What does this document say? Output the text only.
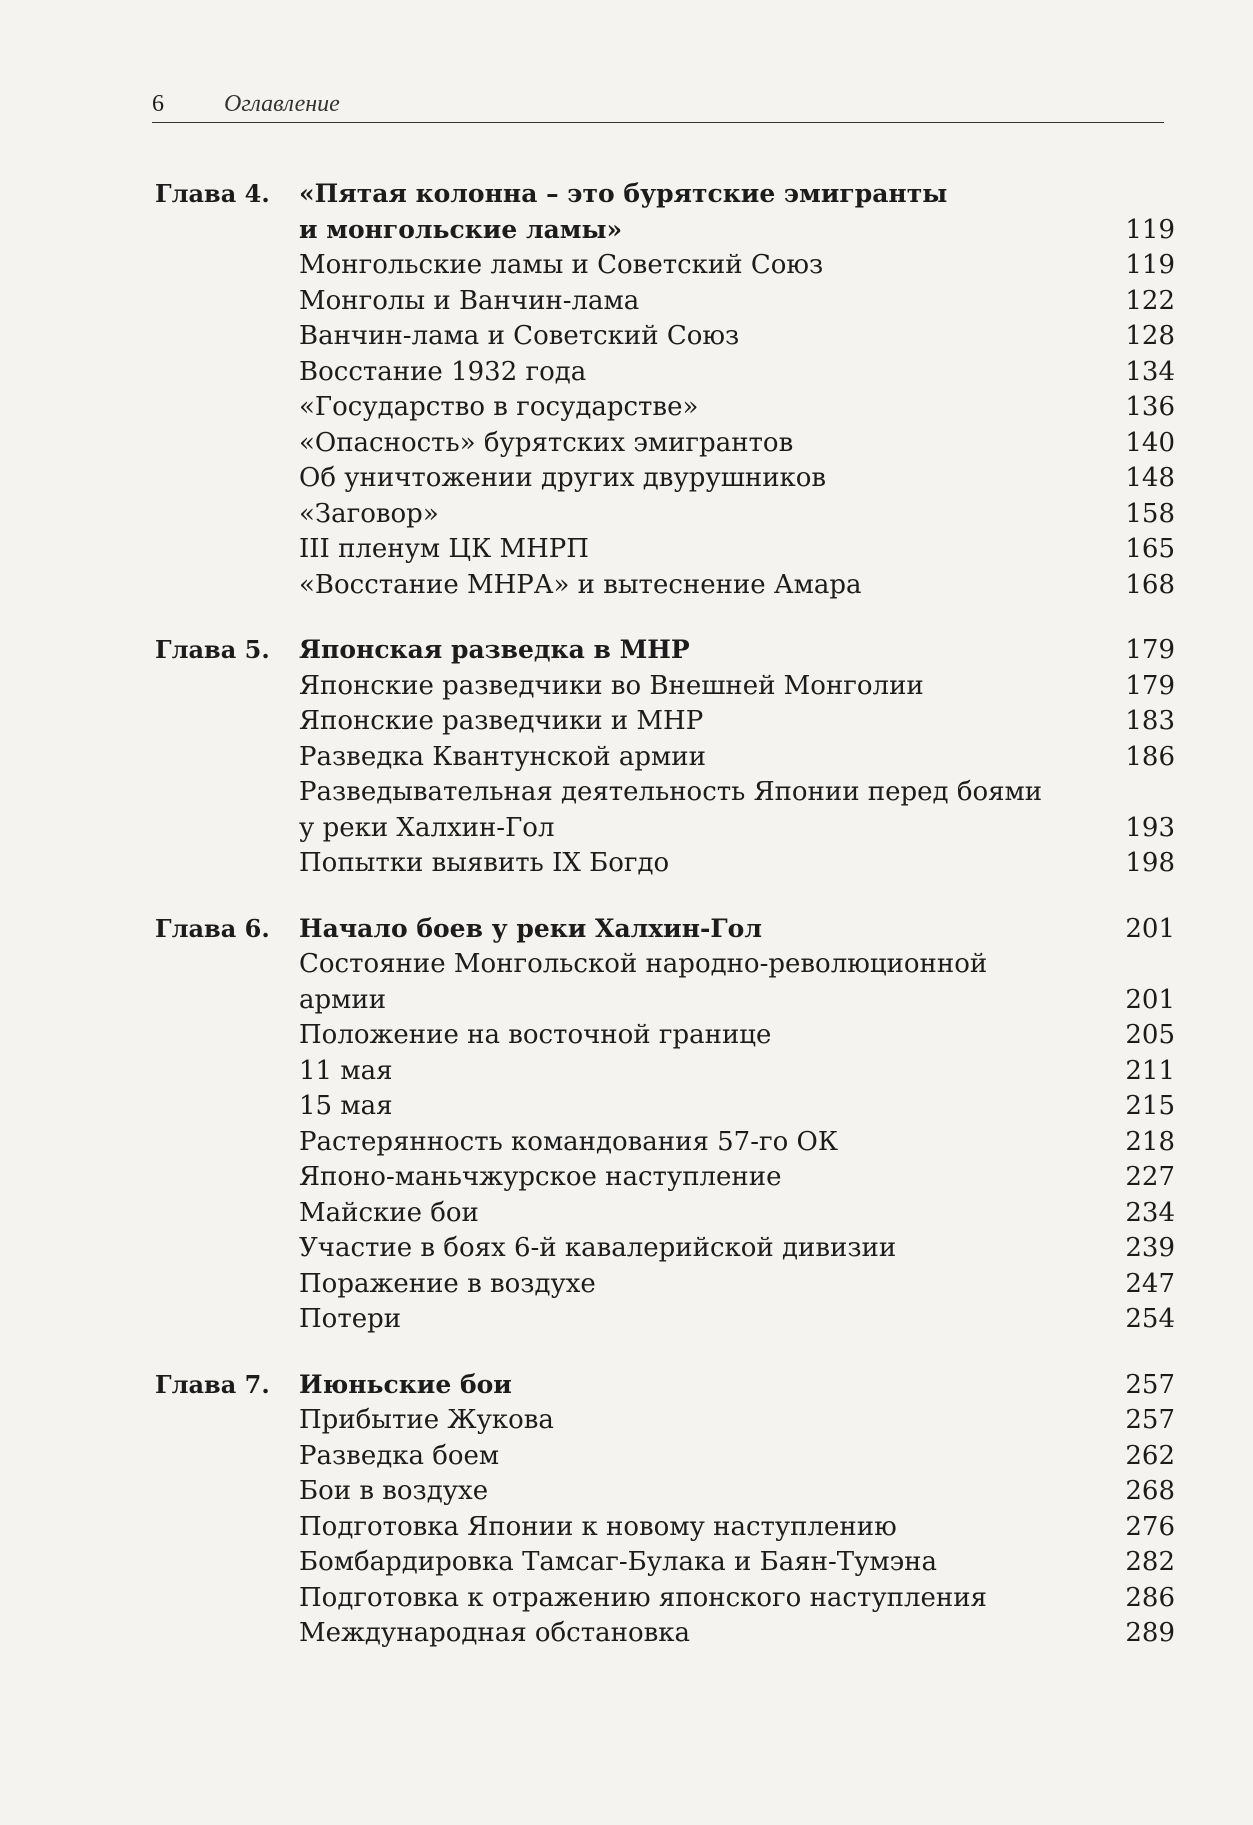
6	Оглавление
Глава 4. «Пятая колонна – это бурятские эмигранты
и монгольские ламы»	119
Монгольские ламы и Советский Союз	119
Монголы и Ванчин-лама	122
Ванчин-лама и Советский Союз	128
Восстание 1932 года	134
«Государство в государстве»	136
«Опасность» бурятских эмигрантов	140
Об уничтожении других двурушников	148
«Заговор»	158
III пленум ЦК МНРП	165
«Восстание МНРА» и вытеснение Амара	168
Глава 5. Японская разведка в МНР	179
Японские разведчики во Внешней Монголии	179
Японские разведчики и МНР	183
Разведка Квантунской армии	186
Разведывательная деятельность Японии перед боями
у реки Халхин-Гол	193
Попытки выявить IX Богдо	198
Глава 6. Начало боев у реки Халхин-Гол	201
Состояние Монгольской народно-революционной
армии	201
Положение на восточной границе	205
11 мая	211
15 мая	215
Растерянность командования 57-го ОК	218
Японо-маньчжурское наступление	227
Майские бои	234
Участие в боях 6-й кавалерийской дивизии	239
Поражение в воздухе	247
Потери	254
Глава 7. Июньские бои	257
Прибытие Жукова	257
Разведка боем	262
Бои в воздухе	268
Подготовка Японии к новому наступлению	276
Бомбардировка Тамсаг-Булака и Баян-Тумэна	282
Подготовка к отражению японского наступления	286
Международная обстановка	289
